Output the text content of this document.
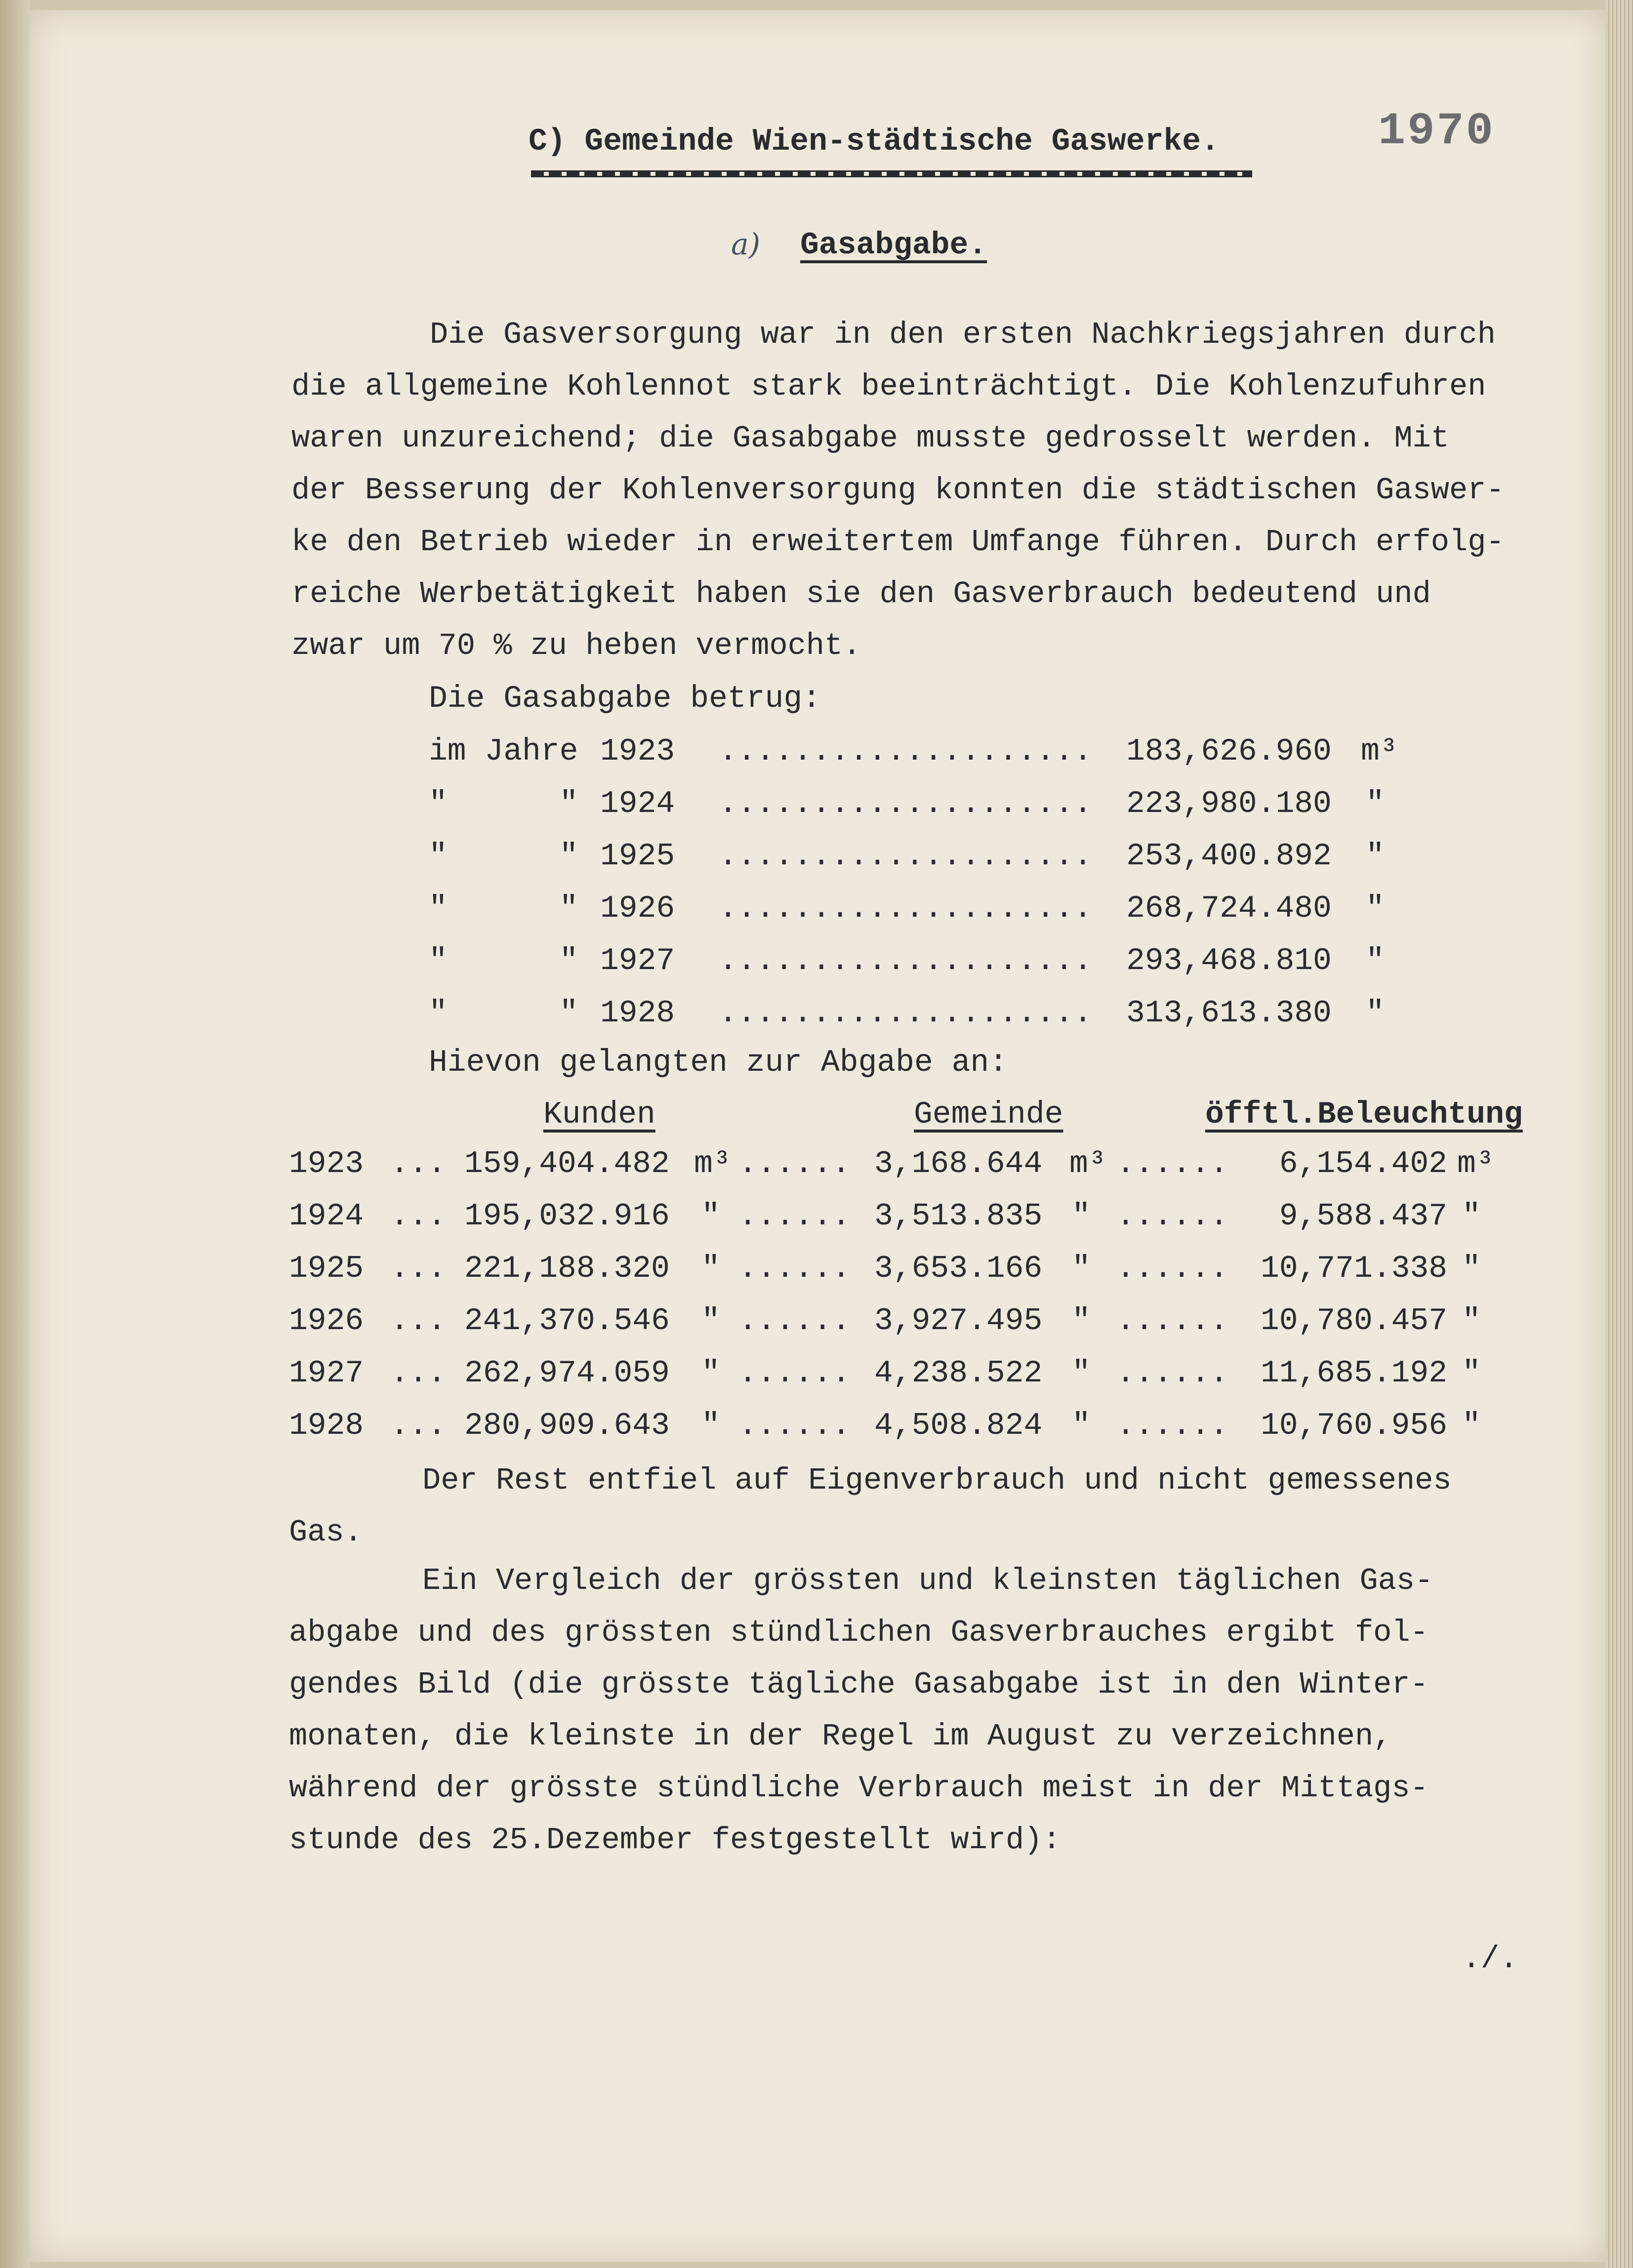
1970
C) Gemeinde Wien-städtische Gaswerke.
a) Gasabgabe.
Die Gasversorgung war in den ersten Nachkriegsjahren durch
die allgemeine Kohlennot stark beeinträchtigt. Die Kohlenzufuhren
waren unzureichend; die Gasabgabe musste gedrosselt werden. Mit
der Besserung der Kohlenversorgung konnten die städtischen Gaswer-
ke den Betrieb wieder in erweitertem Umfange führen. Durch erfolg-
reiche Werbetätigkeit haben sie den Gasverbrauch bedeutend und
zwar um 70 % zu heben vermocht.
Die Gasabgabe betrug:
im Jahre 1923 .................... 183,626.960 m³
"      " 1924 .................... 223,980.180 "
"      " 1925 .................... 253,400.892 "
"      " 1926 .................... 268,724.480 "
"      " 1927 .................... 293,468.810 "
"      " 1928 .................... 313,613.380 "
Hievon gelangten zur Abgabe an:
Kunden	Gemeinde	öfftl.Beleuchtung
1923 ... 159,404.482 m³ ...... 3,168.644 m³ ......	6,154.402 m³
1924 ... 195,032.916 " ...... 3,513.835 " ......	9,588.437 "
1925 ... 221,188.320 " ...... 3,653.166 " ......	10,771.338 "
1926 ... 241,370.546 " ...... 3,927.495 " ......	10,780.457 "
1927 ... 262,974.059 " ...... 4,238.522 " ......	11,685.192 "
1928 ... 280,909.643 " ...... 4,508.824 " ......	10,760.956 "
Der Rest entfiel auf Eigenverbrauch und nicht gemessenes
Gas.
Ein Vergleich der grössten und kleinsten täglichen Gas-
abgabe und des grössten stündlichen Gasverbrauches ergibt fol-
gendes Bild (die grösste tägliche Gasabgabe ist in den Winter-
monaten, die kleinste in der Regel im August zu verzeichnen,
während der grösste stündliche Verbrauch meist in der Mittags-
stunde des 25.Dezember festgestellt wird):
./.
